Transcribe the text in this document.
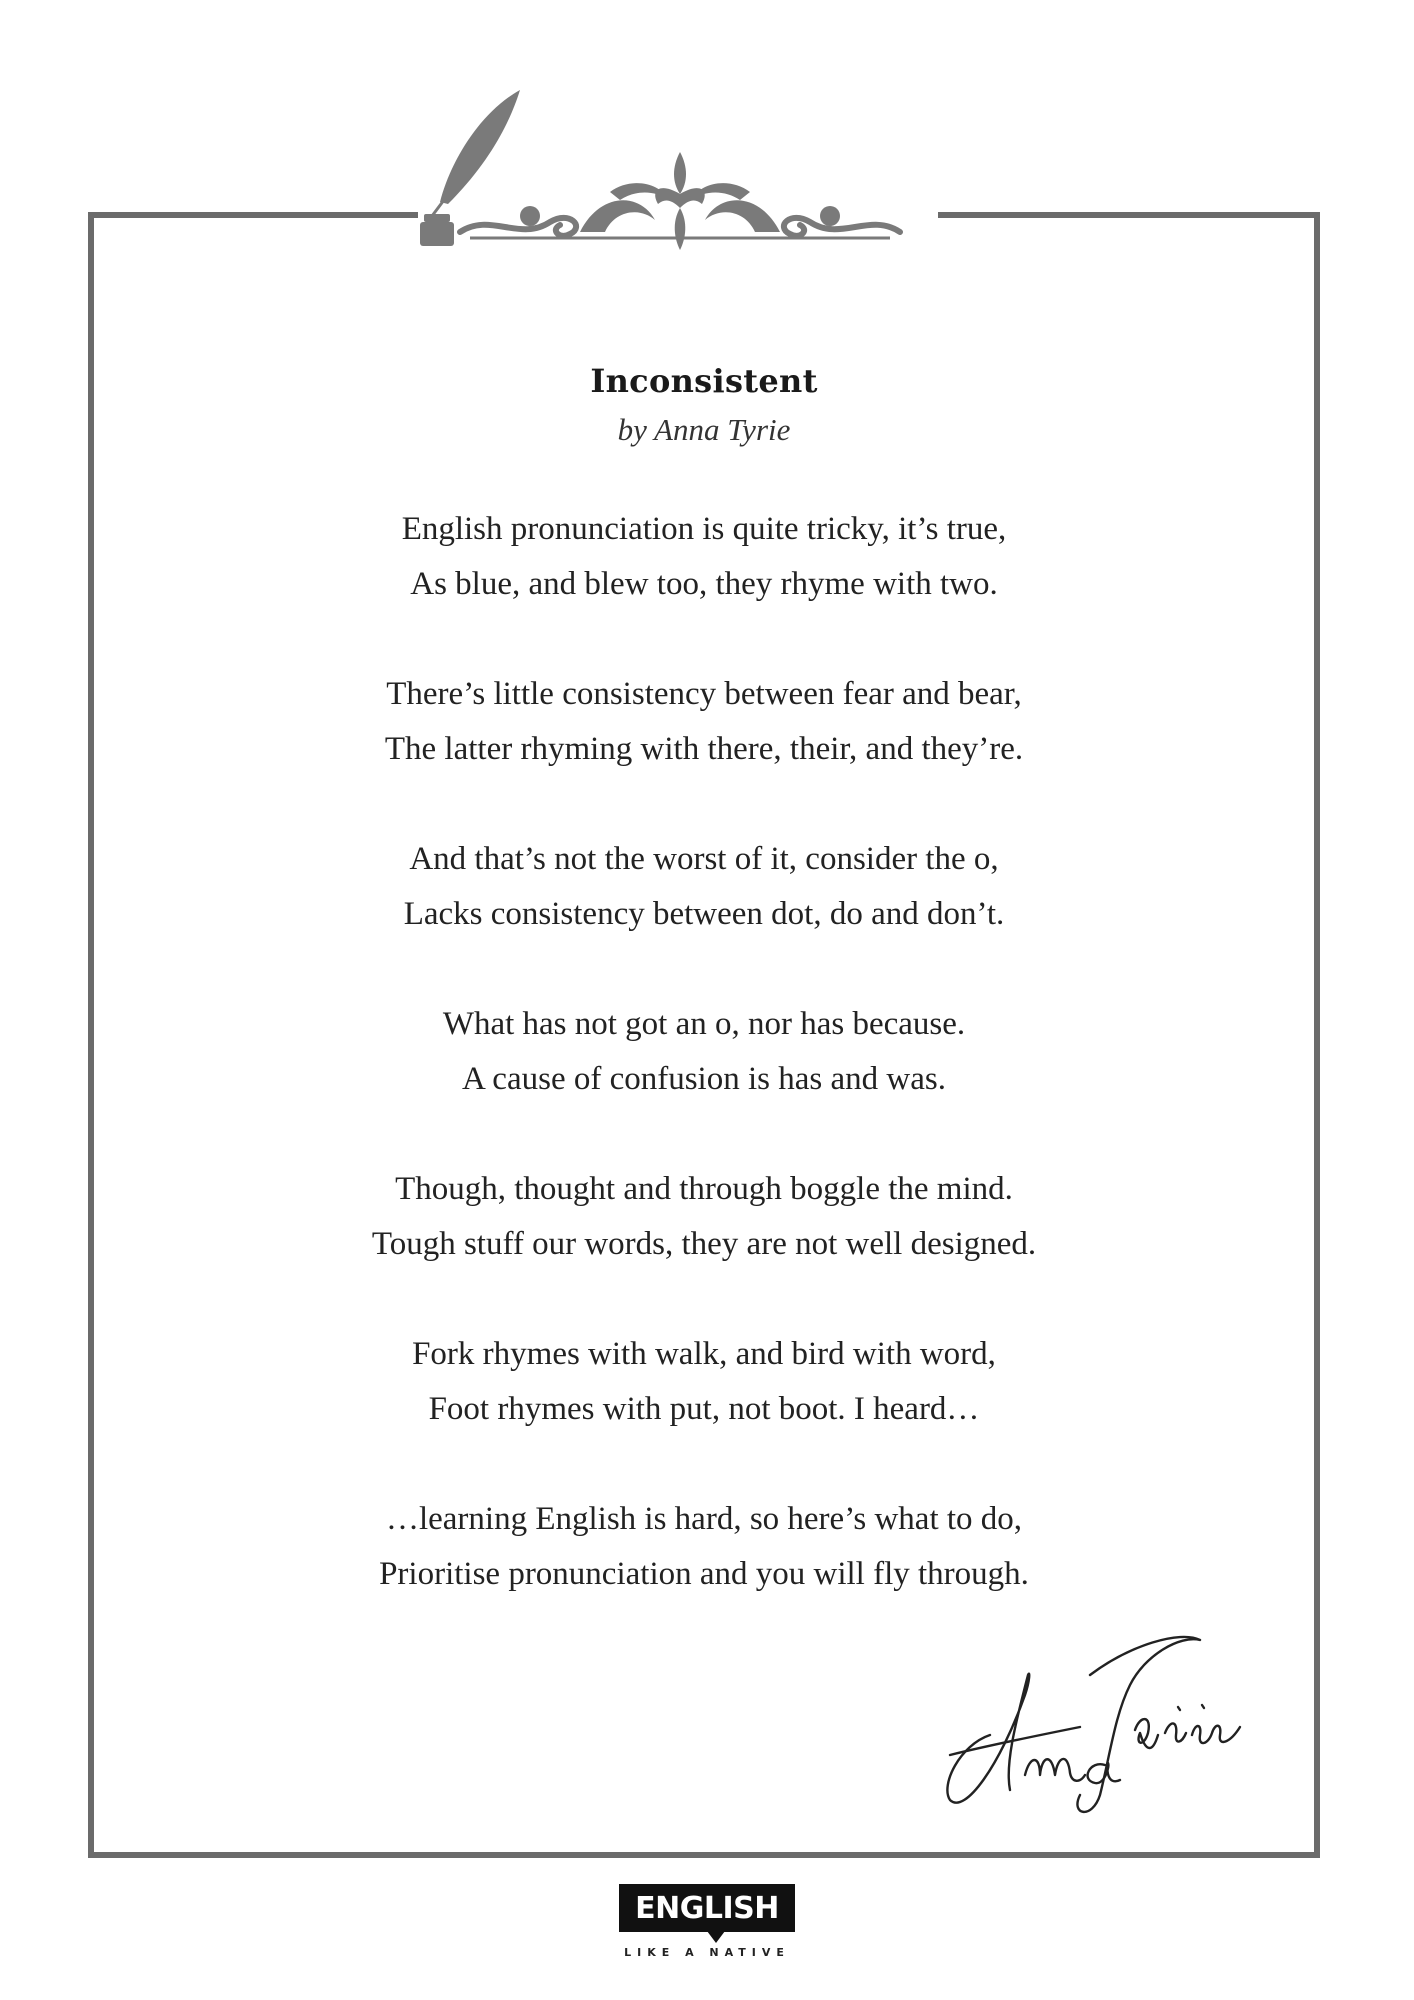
Inconsistent
by Anna Tyrie
English pronunciation is quite tricky, it’s true,
As blue, and blew too, they rhyme with two.
There’s little consistency between fear and bear,
The latter rhyming with there, their, and they’re.
And that’s not the worst of it, consider the o,
Lacks consistency between dot, do and don’t.
What has not got an o, nor has because.
A cause of confusion is has and was.
Though, thought and through boggle the mind.
Tough stuff our words, they are not well designed.
Fork rhymes with walk, and bird with word,
Foot rhymes with put, not boot. I heard…
…learning English is hard, so here’s what to do,
Prioritise pronunciation and you will fly through.
ENGLISH
LIKE A NATIVE
